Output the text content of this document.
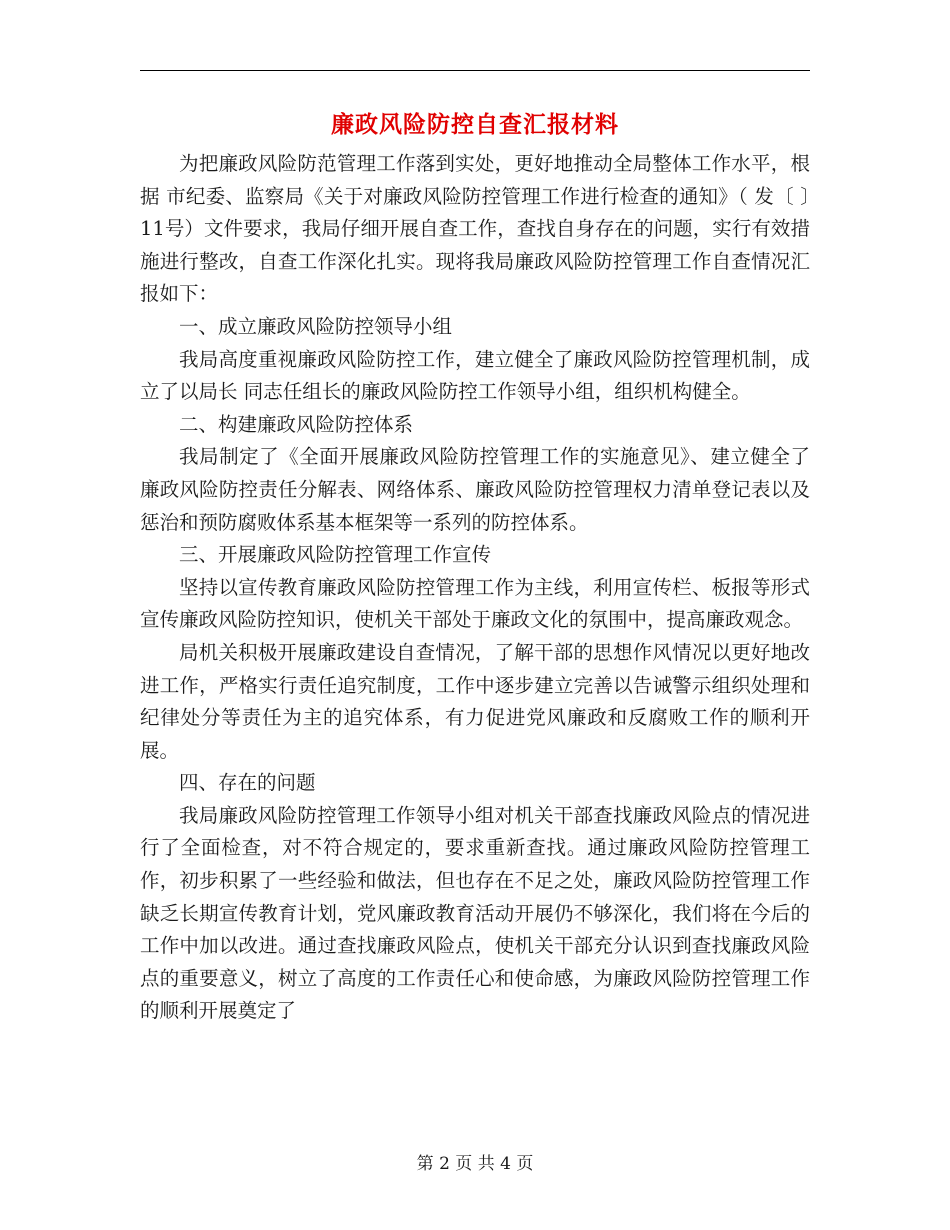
廉政风险防控自查汇报材料

为把廉政风险防范管理工作落到实处，更好地推动全局整体工作水平，根据 市纪委、监察局《关于对廉政风险防控管理工作进行检查的通知》（ 发〔 〕11号）文件要求，我局仔细开展自查工作，查找自身存在的问题，实行有效措施进行整改，自查工作深化扎实。现将我局廉政风险防控管理工作自查情况汇报如下：

一、成立廉政风险防控领导小组

我局高度重视廉政风险防控工作，建立健全了廉政风险防控管理机制，成立了以局长 同志任组长的廉政风险防控工作领导小组，组织机构健全。

二、构建廉政风险防控体系

我局制定了《全面开展廉政风险防控管理工作的实施意见》、建立健全了廉政风险防控责任分解表、网络体系、廉政风险防控管理权力清单登记表以及惩治和预防腐败体系基本框架等一系列的防控体系。

三、开展廉政风险防控管理工作宣传

坚持以宣传教育廉政风险防控管理工作为主线，利用宣传栏、板报等形式宣传廉政风险防控知识，使机关干部处于廉政文化的氛围中，提高廉政观念。

局机关积极开展廉政建设自查情况，了解干部的思想作风情况以更好地改进工作，严格实行责任追究制度，工作中逐步建立完善以告诫警示组织处理和纪律处分等责任为主的追究体系，有力促进党风廉政和反腐败工作的顺利开展。

四、存在的问题

我局廉政风险防控管理工作领导小组对机关干部查找廉政风险点的情况进行了全面检查，对不符合规定的，要求重新查找。通过廉政风险防控管理工作，初步积累了一些经验和做法，但也存在不足之处，廉政风险防控管理工作缺乏长期宣传教育计划，党风廉政教育活动开展仍不够深化，我们将在今后的工作中加以改进。通过查找廉政风险点，使机关干部充分认识到查找廉政风险点的重要意义，树立了高度的工作责任心和使命感，为廉政风险防控管理工作的顺利开展奠定了

第 2 页 共 4 页
